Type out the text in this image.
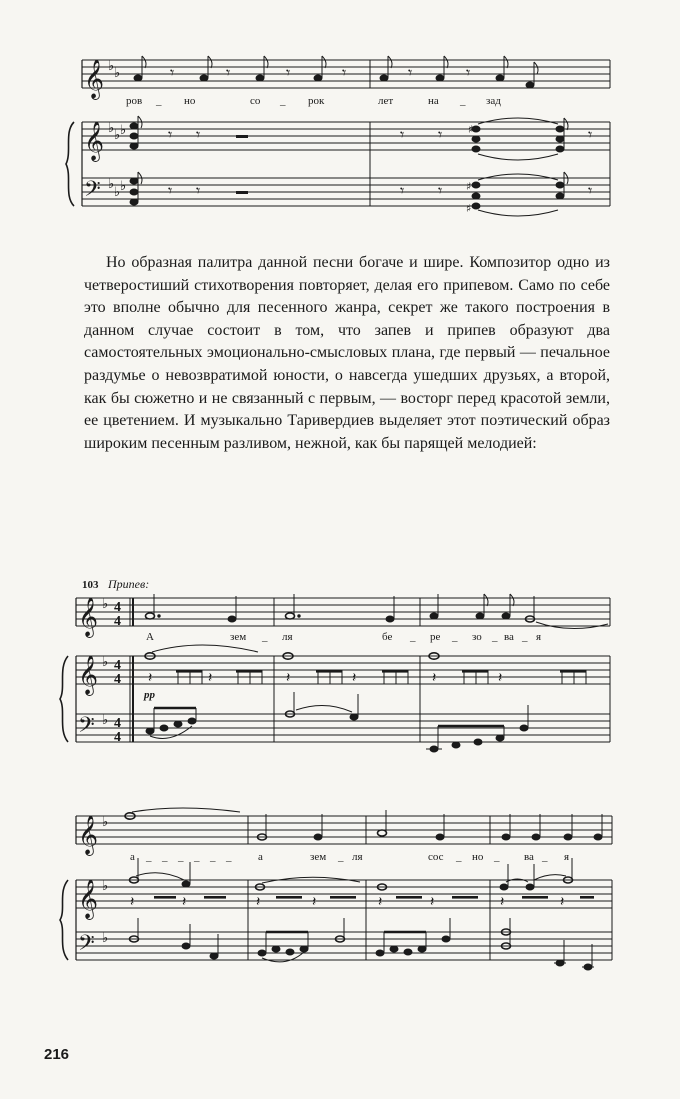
𝄞
𝄞
𝄢
♭ ♭
♭ ♭ ♭
♭
♭ ♭
𝄾	𝄾	𝄾	𝄾	𝄾	𝄾
♯
𝄾 𝄾	𝄾 𝄾	𝄾
♯
♯
𝄾 𝄾	𝄾 𝄾	𝄾
ров _ но	со _ рок	лет	на _ зад

Но образная палитра данной песни богаче и шире. Композитор одно из четверостиший стихотворения повторяет, делая его припевом. Само по себе это вполне обычно для песенного жанра, секрет же такого построения в данном случае состоит в том, что запев и припев образуют два самостоятельных эмоционально-смысловых плана, где первый — печальное раздумье о невозвратимой юности, о навсегда ушедших друзьях, а второй, как бы сюжетно и не связанный с первым, — восторг перед красотой земли, ее цветением. И музыкально Таривердиев выделяет этот поэтический образ широким песенным разливом, нежной, как бы парящей мелодией:

103 Припев:
𝄞
𝄞
𝄢
♭
♭
♭
4
4
4
4
4
4
𝄽	𝄽	𝄽	𝄽	𝄽	𝄽
pp
А	зем _ ля	бе _ ре _ зо _ ва _ я
𝄞
𝄞
𝄢
♭
♭
♭
𝄽	𝄽	𝄽	𝄽	𝄽	𝄽	𝄽	𝄽
а _ _ _ _ _ _ а	зем _ ля	сос _ но _ ва _ я
216
